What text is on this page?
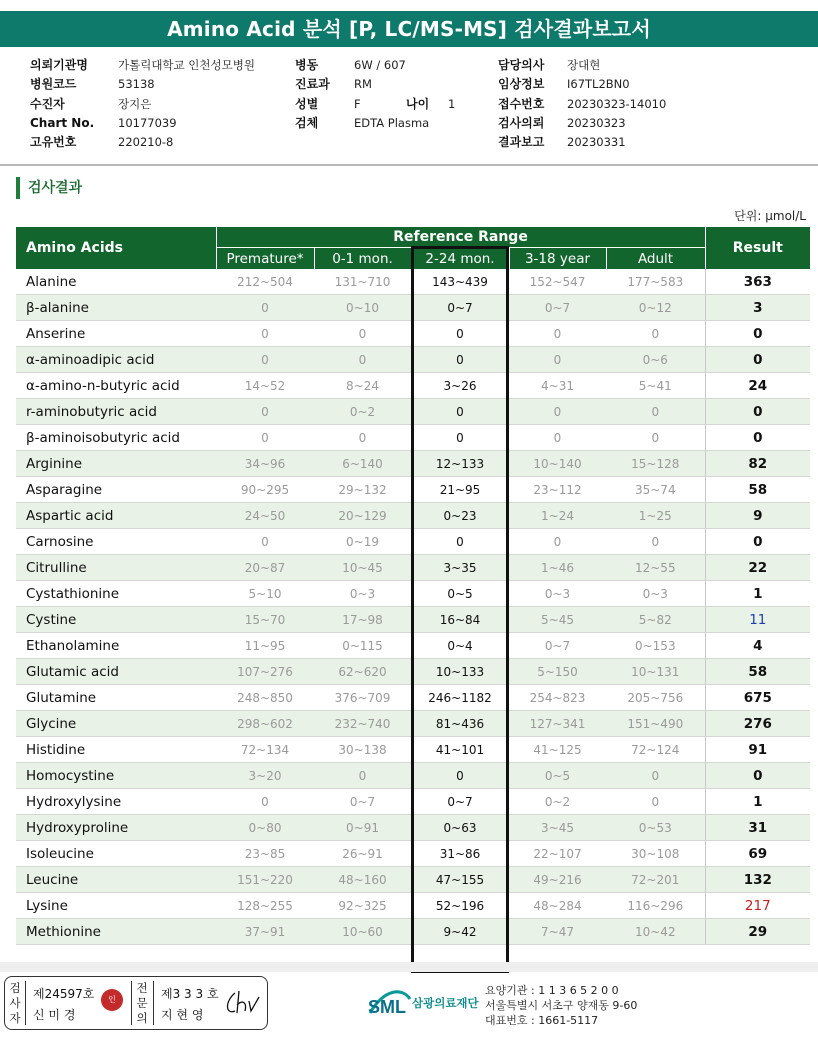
Amino Acid 분석 [P, LC/MS-MS] 검사결과보고서
의뢰기관명	가톨릭대학교 인천성모병원
병원코드	53138
수진자	장지은
Chart No. 10177039
고유번호	220210-8
병동	6W / 607
진료과 RM
성별	F	나이 1
검체	EDTA Plasma
담당의사 장대현
임상정보 I67TL2BN0
접수번호 20230323-14010
검사의뢰 20230323
결과보고 20230331
검사결과
단위: μmol/L
Amino Acids	Reference Range					Result
	Premature*	0-1 mon.	2-24 mon.	3-18 year	Adult	
Alanine	212~504	131~710	143~439	152~547	177~583	363
β-alanine	0	0~10	0~7	0~7	0~12	3
Anserine	0	0	0	0	0	0
α-aminoadipic acid	0	0	0	0	0~6	0
α-amino-n-butyric acid	14~52	8~24	3~26	4~31	5~41	24
r-aminobutyric acid	0	0~2	0	0	0	0
β-aminoisobutyric acid	0	0	0	0	0	0
Arginine	34~96	6~140	12~133	10~140	15~128	82
Asparagine	90~295	29~132	21~95	23~112	35~74	58
Aspartic acid	24~50	20~129	0~23	1~24	1~25	9
Carnosine	0	0~19	0	0	0	0
Citrulline	20~87	10~45	3~35	1~46	12~55	22
Cystathionine	5~10	0~3	0~5	0~3	0~3	1
Cystine	15~70	17~98	16~84	5~45	5~82	11
Ethanolamine	11~95	0~115	0~4	0~7	0~153	4
Glutamic acid	107~276	62~620	10~133	5~150	10~131	58
Glutamine	248~850	376~709	246~1182	254~823	205~756	675
Glycine	298~602	232~740	81~436	127~341	151~490	276
Histidine	72~134	30~138	41~101	41~125	72~124	91
Homocystine	3~20	0	0	0~5	0	0
Hydroxylysine	0	0~7	0~7	0~2	0	1
Hydroxyproline	0~80	0~91	0~63	3~45	0~53	31
Isoleucine	23~85	26~91	31~86	22~107	30~108	69
Leucine	151~220	48~160	47~155	49~216	72~201	132
Lysine	128~255	92~325	52~196	48~284	116~296	217
Methionine	37~91	10~60	9~42	7~47	10~42	29
검
사
자
제24597호
신 미 경
인
전
문
의
제3 3 3 호
지 현 영	SML 삼광의료재단
요양기관 : 1 1 3 6 5 2 0 0
서울특별시 서초구 양재동 9-60
대표번호 : 1661-5117
